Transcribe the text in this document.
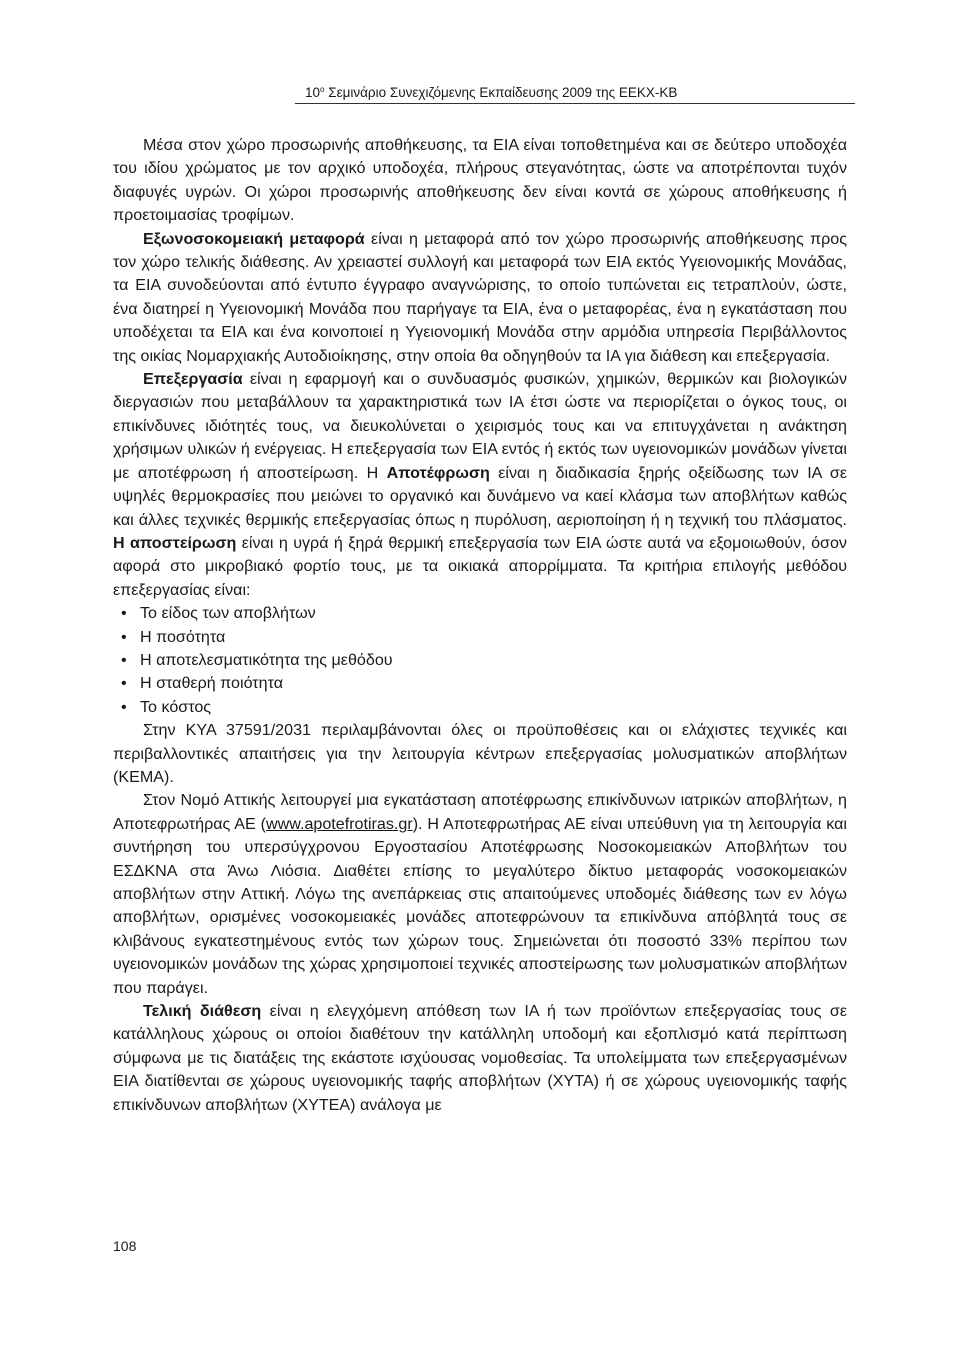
$10^o$ Σεμινάριο Συνεχιζόμενης Εκπαίδευσης 2009 της ΕΕΚΧ-ΚΒ

Μέσα στον χώρο προσωρινής αποθήκευσης, τα ΕΙΑ είναι τοποθετημένα και σε δεύτερο υποδοχέα του ιδίου χρώματος με τον αρχικό υποδοχέα, πλήρους στεγανότητας, ώστε να αποτρέπονται τυχόν διαφυγές υγρών. Οι χώροι προσωρινής αποθήκευσης δεν είναι κοντά σε χώρους αποθήκευσης ή προετοιμασίας τροφίμων.

Εξωνοσοκομειακή μεταφορά είναι η μεταφορά από τον χώρο προσωρινής αποθήκευσης προς τον χώρο τελικής διάθεσης. Αν χρειαστεί συλλογή και μεταφορά των ΕΙΑ εκτός Υγειονομικής Μονάδας, τα ΕΙΑ συνοδεύονται από έντυπο έγγραφο αναγνώρισης, το οποίο τυπώνεται εις τετραπλούν, ώστε, ένα διατηρεί η Υγειονομική Μονάδα που παρήγαγε τα ΕΙΑ, ένα ο μεταφορέας, ένα η εγκατάσταση που υποδέχεται τα ΕΙΑ και ένα κοινοποιεί η Υγειονομική Μονάδα στην αρμόδια υπηρεσία Περιβάλλοντος της οικίας Νομαρχιακής Αυτοδιοίκησης, στην οποία θα οδηγηθούν τα ΙΑ για διάθεση και επεξεργασία.

Επεξεργασία είναι η εφαρμογή και ο συνδυασμός φυσικών, χημικών, θερμικών και βιολογικών διεργασιών που μεταβάλλουν τα χαρακτηριστικά των ΙΑ έτσι ώστε να περιορίζεται ο όγκος τους, οι επικίνδυνες ιδιότητές τους, να διευκολύνεται ο χειρισμός τους και να επιτυγχάνεται η ανάκτηση χρήσιμων υλικών ή ενέργειας. Η επεξεργασία των ΕΙΑ εντός ή εκτός των υγειονομικών μονάδων γίνεται με αποτέφρωση ή αποστείρωση. Η Αποτέφρωση είναι η διαδικασία ξηρής οξείδωσης των ΙΑ σε υψηλές θερμοκρασίες που μειώνει το οργανικό και δυνάμενο να καεί κλάσμα των αποβλήτων καθώς και άλλες τεχνικές θερμικής επεξεργασίας όπως η πυρόλυση, αεριοποίηση ή η τεχνική του πλάσματος. Η αποστείρωση είναι η υγρά ή ξηρά θερμική επεξεργασία των ΕΙΑ ώστε αυτά να εξομοιωθούν, όσον αφορά στο μικροβιακό φορτίο τους, με τα οικιακά απορρίμματα. Τα κριτήρια επιλογής μεθόδου επεξεργασίας είναι:

• Το είδος των αποβλήτων
• Η ποσότητα
• Η αποτελεσματικότητα της μεθόδου
• Η σταθερή ποιότητα
• Το κόστος

Στην ΚΥΑ 37591/2031 περιλαμβάνονται όλες οι προϋποθέσεις και οι ελάχιστες τεχνικές και περιβαλλοντικές απαιτήσεις για την λειτουργία κέντρων επεξεργασίας μολυσματικών αποβλήτων (ΚΕΜΑ).

Στον Νομό Αττικής λειτουργεί μια εγκατάσταση αποτέφρωσης επικίνδυνων ιατρικών αποβλήτων, η Αποτεφρωτήρας ΑΕ (www.apotefrotiras.gr). Η Αποτεφρωτήρας ΑΕ είναι υπεύθυνη για τη λειτουργία και συντήρηση του υπερσύγχρονου Εργοστασίου Αποτέφρωσης Νοσοκομειακών Αποβλήτων του ΕΣΔΚΝΑ στα Άνω Λιόσια. Διαθέτει επίσης το μεγαλύτερο δίκτυο μεταφοράς νοσοκομειακών αποβλήτων στην Αττική. Λόγω της ανεπάρκειας στις απαιτούμενες υποδομές διάθεσης των εν λόγω αποβλήτων, ορισμένες νοσοκομειακές μονάδες αποτεφρώνουν τα επικίνδυνα απόβλητά τους σε κλιβάνους εγκατεστημένους εντός των χώρων τους. Σημειώνεται ότι ποσοστό 33% περίπου των υγειονομικών μονάδων της χώρας χρησιμοποιεί τεχνικές αποστείρωσης των μολυσματικών αποβλήτων που παράγει.

Τελική διάθεση είναι η ελεγχόμενη απόθεση των ΙΑ ή των προϊόντων επεξεργασίας τους σε κατάλληλους χώρους οι οποίοι διαθέτουν την κατάλληλη υποδομή και εξοπλισμό κατά περίπτωση σύμφωνα με τις διατάξεις της εκάστοτε ισχύουσας νομοθεσίας. Τα υπολείμματα των επεξεργασμένων ΕΙΑ διατίθενται σε χώρους υγειονομικής ταφής αποβλήτων (ΧΥΤΑ) ή σε χώρους υγειονομικής ταφής επικίνδυνων αποβλήτων (ΧΥΤΕΑ) ανάλογα με

108
